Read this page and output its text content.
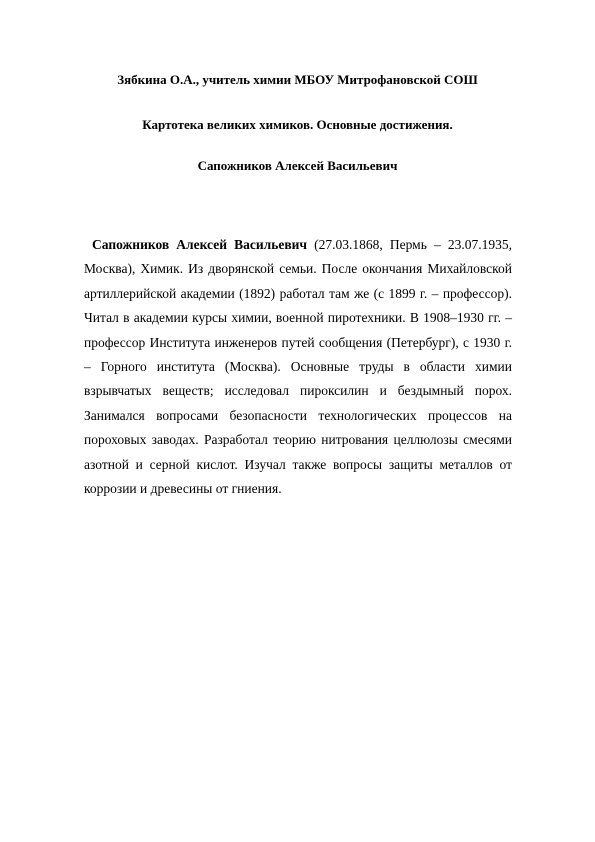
Зябкина О.А., учитель химии МБОУ Митрофановской СОШ
Картотека великих химиков. Основные достижения.
Сапожников Алексей Васильевич

Сапожников Алексей Васильевич (27.03.1868, Пермь – 23.07.1935, Москва), Химик. Из дворянской семьи. После окончания Михайловской артиллерийской академии (1892) работал там же (с 1899 г. – профессор). Читал в академии курсы химии, военной пиротехники. В 1908–1930 гг. – профессор Института инженеров путей сообщения (Петербург), с 1930 г. – Горного института (Москва). Основные труды в области химии взрывчатых веществ; исследовал пироксилин и бездымный порох. Занимался вопросами безопасности технологических процессов на пороховых заводах. Разработал теорию нитрования целлюлозы смесями азотной и серной кислот. Изучал также вопросы защиты металлов от коррозии и древесины от гниения.
